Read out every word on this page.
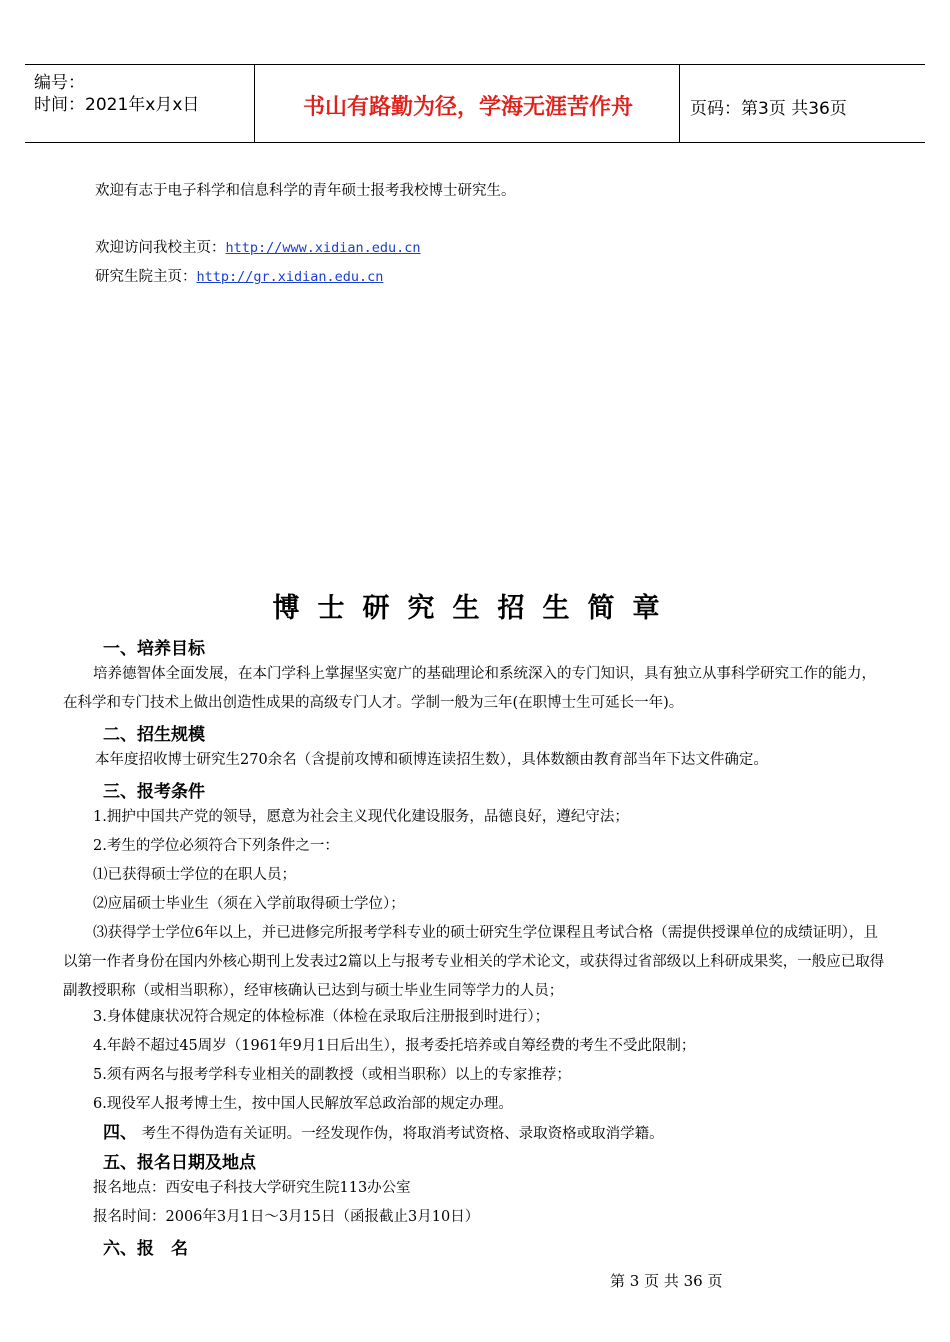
编号：
时间：2021年x月x日	书山有路勤为径，学海无涯苦作舟	页码：第3页 共36页
欢迎有志于电子科学和信息科学的青年硕士报考我校博士研究生。
欢迎访问我校主页：http://www.xidian.edu.cn
研究生院主页：http://gr.xidian.edu.cn
博士研究生招生简章
一、培养目标
培养德智体全面发展，在本门学科上掌握坚实宽广的基础理论和系统深入的专门知识，具有独立从事科学研究工作的能力，在科学和专门技术上做出创造性成果的高级专门人才。学制一般为三年(在职博士生可延长一年)。
二、招生规模
本年度招收博士研究生270余名（含提前攻博和硕博连读招生数），具体数额由教育部当年下达文件确定。
三、报考条件
1.拥护中国共产党的领导，愿意为社会主义现代化建设服务，品德良好，遵纪守法；
2.考生的学位必须符合下列条件之一：
⑴已获得硕士学位的在职人员；
⑵应届硕士毕业生（须在入学前取得硕士学位）；
⑶获得学士学位6年以上，并已进修完所报考学科专业的硕士研究生学位课程且考试合格（需提供授课单位的成绩证明），且以第一作者身份在国内外核心期刊上发表过2篇以上与报考专业相关的学术论文，或获得过省部级以上科研成果奖，一般应已取得副教授职称（或相当职称），经审核确认已达到与硕士毕业生同等学力的人员；
3.身体健康状况符合规定的体检标准（体检在录取后注册报到时进行）；
4.年龄不超过45周岁（1961年9月1日后出生），报考委托培养或自筹经费的考生不受此限制；
5.须有两名与报考学科专业相关的副教授（或相当职称）以上的专家推荐；
6.现役军人报考博士生，按中国人民解放军总政治部的规定办理。
四、 考生不得伪造有关证明。一经发现作伪，将取消考试资格、录取资格或取消学籍。
五、报名日期及地点
报名地点：西安电子科技大学研究生院113办公室
报名时间：2006年3月1日～3月15日（函报截止3月10日）
六、报　名
第 3 页 共 36 页
